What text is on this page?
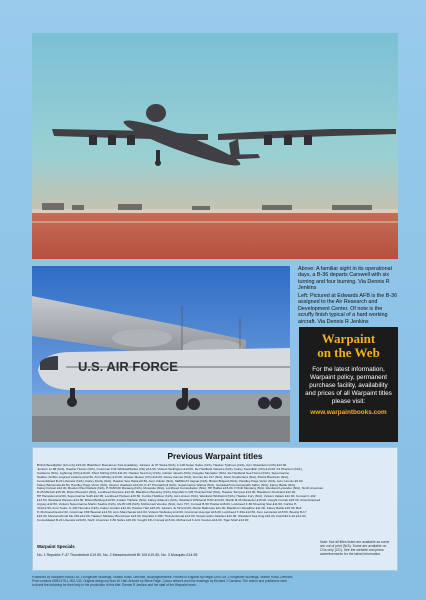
U.S. AIR FORCE
Above: A familiar sight in its operational days, a B-36 departs Carswell with six turning and four burning. Via Dennis R Jenkins
Left: Pictured at Edwards AFB is the B-36 assigned to the Air Research and Development Center. Of note is the scruffy finish typical of a hard working aircraft. Via Dennis R Jenkins
Warpaint
on the Web
For the latest information, Warpaint policy, permanent purchase facility, availability and prices of all Warpaint titles please visit:
www.warpaintbooks.com
Previous Warpaint titles
British Beaufighter (£3 only) £15.00, Blackburn Buccaneer (Not Available), Junkers Ju 87 Stuka (N/A), F-100 Super Sabre (N/A), Hawker Typhoon (N/A), Avro Shackleton (CD) £13.00,
Junkers Ju 88 (N/A), Hawker Hunter (N/A), Grumman F4F Wildcat/Martlet (CD) £13.00, Vickers Wellington £13.00, De Havilland Vampire (N/A), Fairey Swordfish (CD) £13.00, F4 Phantom (N/A),
Canberra (N/A), Lightning (CD) £16.00, Short Stirling (CD) £11.00, Hawker Sea Fury (N/A), Gloster Javelin (N/A), Douglas Skyraider (N/A), De Havilland Sea Hornet (N/A), Supermarine
Seafire (Griffon engined variants) £12.00, Avro Whitley £13.00, Gloster Meteor (CD) £16.00, Fairey Gannet (N/A), Dornier Do 217 (N/A), Short Sunderland (N/A), Bristol Blenheim (N/A),
Consolidated B-24 Liberator (N/A), Fairey Firefly (N/A), Hawker Sea Hawk £9.50, Avro Vulcan (N/A), SEPECAT Jaguar (N/A), Bristol Brigand (N/A), Handley Page Victor (N/A), Avro Lincoln £9.00,
Fairey Barracuda £9.50, Handley Page Victor (N/A), Gloster Gladiator £13.00, P-47 Thunderbolt (N/A), Supermarine Walrus (N/A), Canadair/Commonwealth Sabre (N/A), Fairey Battle (N/A),
Fairey Fulmar £12.00, Boulton Paul Defiant (N/A), P-51B/C/D Mustang (N/A), Mosquito (N/A), Lockheed Constellation (N/A), HP Halifax £15.00, P-51D Mustang (N/A), Westland Lysander (N/A), North American
B-25 Mitchell £15.00, Bristol Beaufort (N/A), Lockheed Neptune £13.00, Blackburn Beverley (N/A), Republic F-105 Thunderchief (N/A), Hawker Tempest £13.00, Blackburn Firebrand £12.00,
HP Hampden £12.00, Supermarine Swift £12.00, Lockheed Hudson £16.50, Curtiss Helldiver (N/A), Avro Anson (N/A), Westland Whirlwind (N/A), Hawker Fury (N/A), Vickers Valiant £12.00, Convair F-102
£14.50, Westland Wessex £14.50, Bristol Bulldog £10.50, Fokker Triplane (N/A), Fairey Albacore (N/A), Westland Whirlwind HAR £13.00, Martin B-26 Marauder £15.00, Vought Corsair £15.00, Airco/Airspeed
Argosy £12.50, Vickers Supermarine Martin Seafire (N/A), Me Bf 109 (N/A), McDonnell Voodoo (N/A), Avro 707, Convair B-58 Hustler £16.00, Lockheed F-80 Shooting Star £11.50, Curtiss P-
40 £12.50, Avro Tudor, C-130 Hercules (N/A), Fairey Gordon £12.00, Hawker Hart £15.00, Junkers Ju 52 £12.00, Martin Baltimore £11.00, Blackburn Skua/Roc £11.00, Fairey Battle £15.00, Bell
P-39 Airacobra £12.00, Grumman F8F Bearcat £14.50, Avro Manchester £12.00, Vickers Wellesley £12.00, Grumman Avenger £16.00, Lockheed T-33A £12.50, Avro Lancaster £15.50, Boeing B-17
£16.00, Messerschmitt Me 262 £12.00, Hawker Siddeley Buccaneer £13.00, Republic F-84F Thunderstreak £12.00, Supermarine Attacker £12.00, Westland Sea King £16.00, Fairchild A-10 £12.00,
Consolidated B-24 Liberator £20.00, North American F-86 Sabre £16.00, Vought F4U Corsair £15.00, McDonnell F-101 Voodoo £14.00, Tiger Moth £14.00
Warpaint Specials
No. 1 Republic F-47 Thunderbolt £19.50, No. 2 Messerschmitt Bf 109 £19.50, No. 3 Mosquito £14.95
Note: Not all titles listed are available as some are out of print (N/A). Some are available on CDs only (CD). See the website and press advertisements for the latest information.
Published by Warpaint Books Ltd, 3 Kingfisher Buildings, Station Road, Denham, Buckinghamshire. Printed in England by Regal Litho Ltd, 3 Kingfisher Buildings, Station Road, Denham
Print contains ISBN 978-1-902-143. Original design by Alan W. Hall. Artwork by Steve Page, Colour artwork and line drawings by Richard J Caruana. The author and publishers wish
to thank the following for their help in the production of this title: Dennis R Jenkins and the staff of the Warpaint team.
